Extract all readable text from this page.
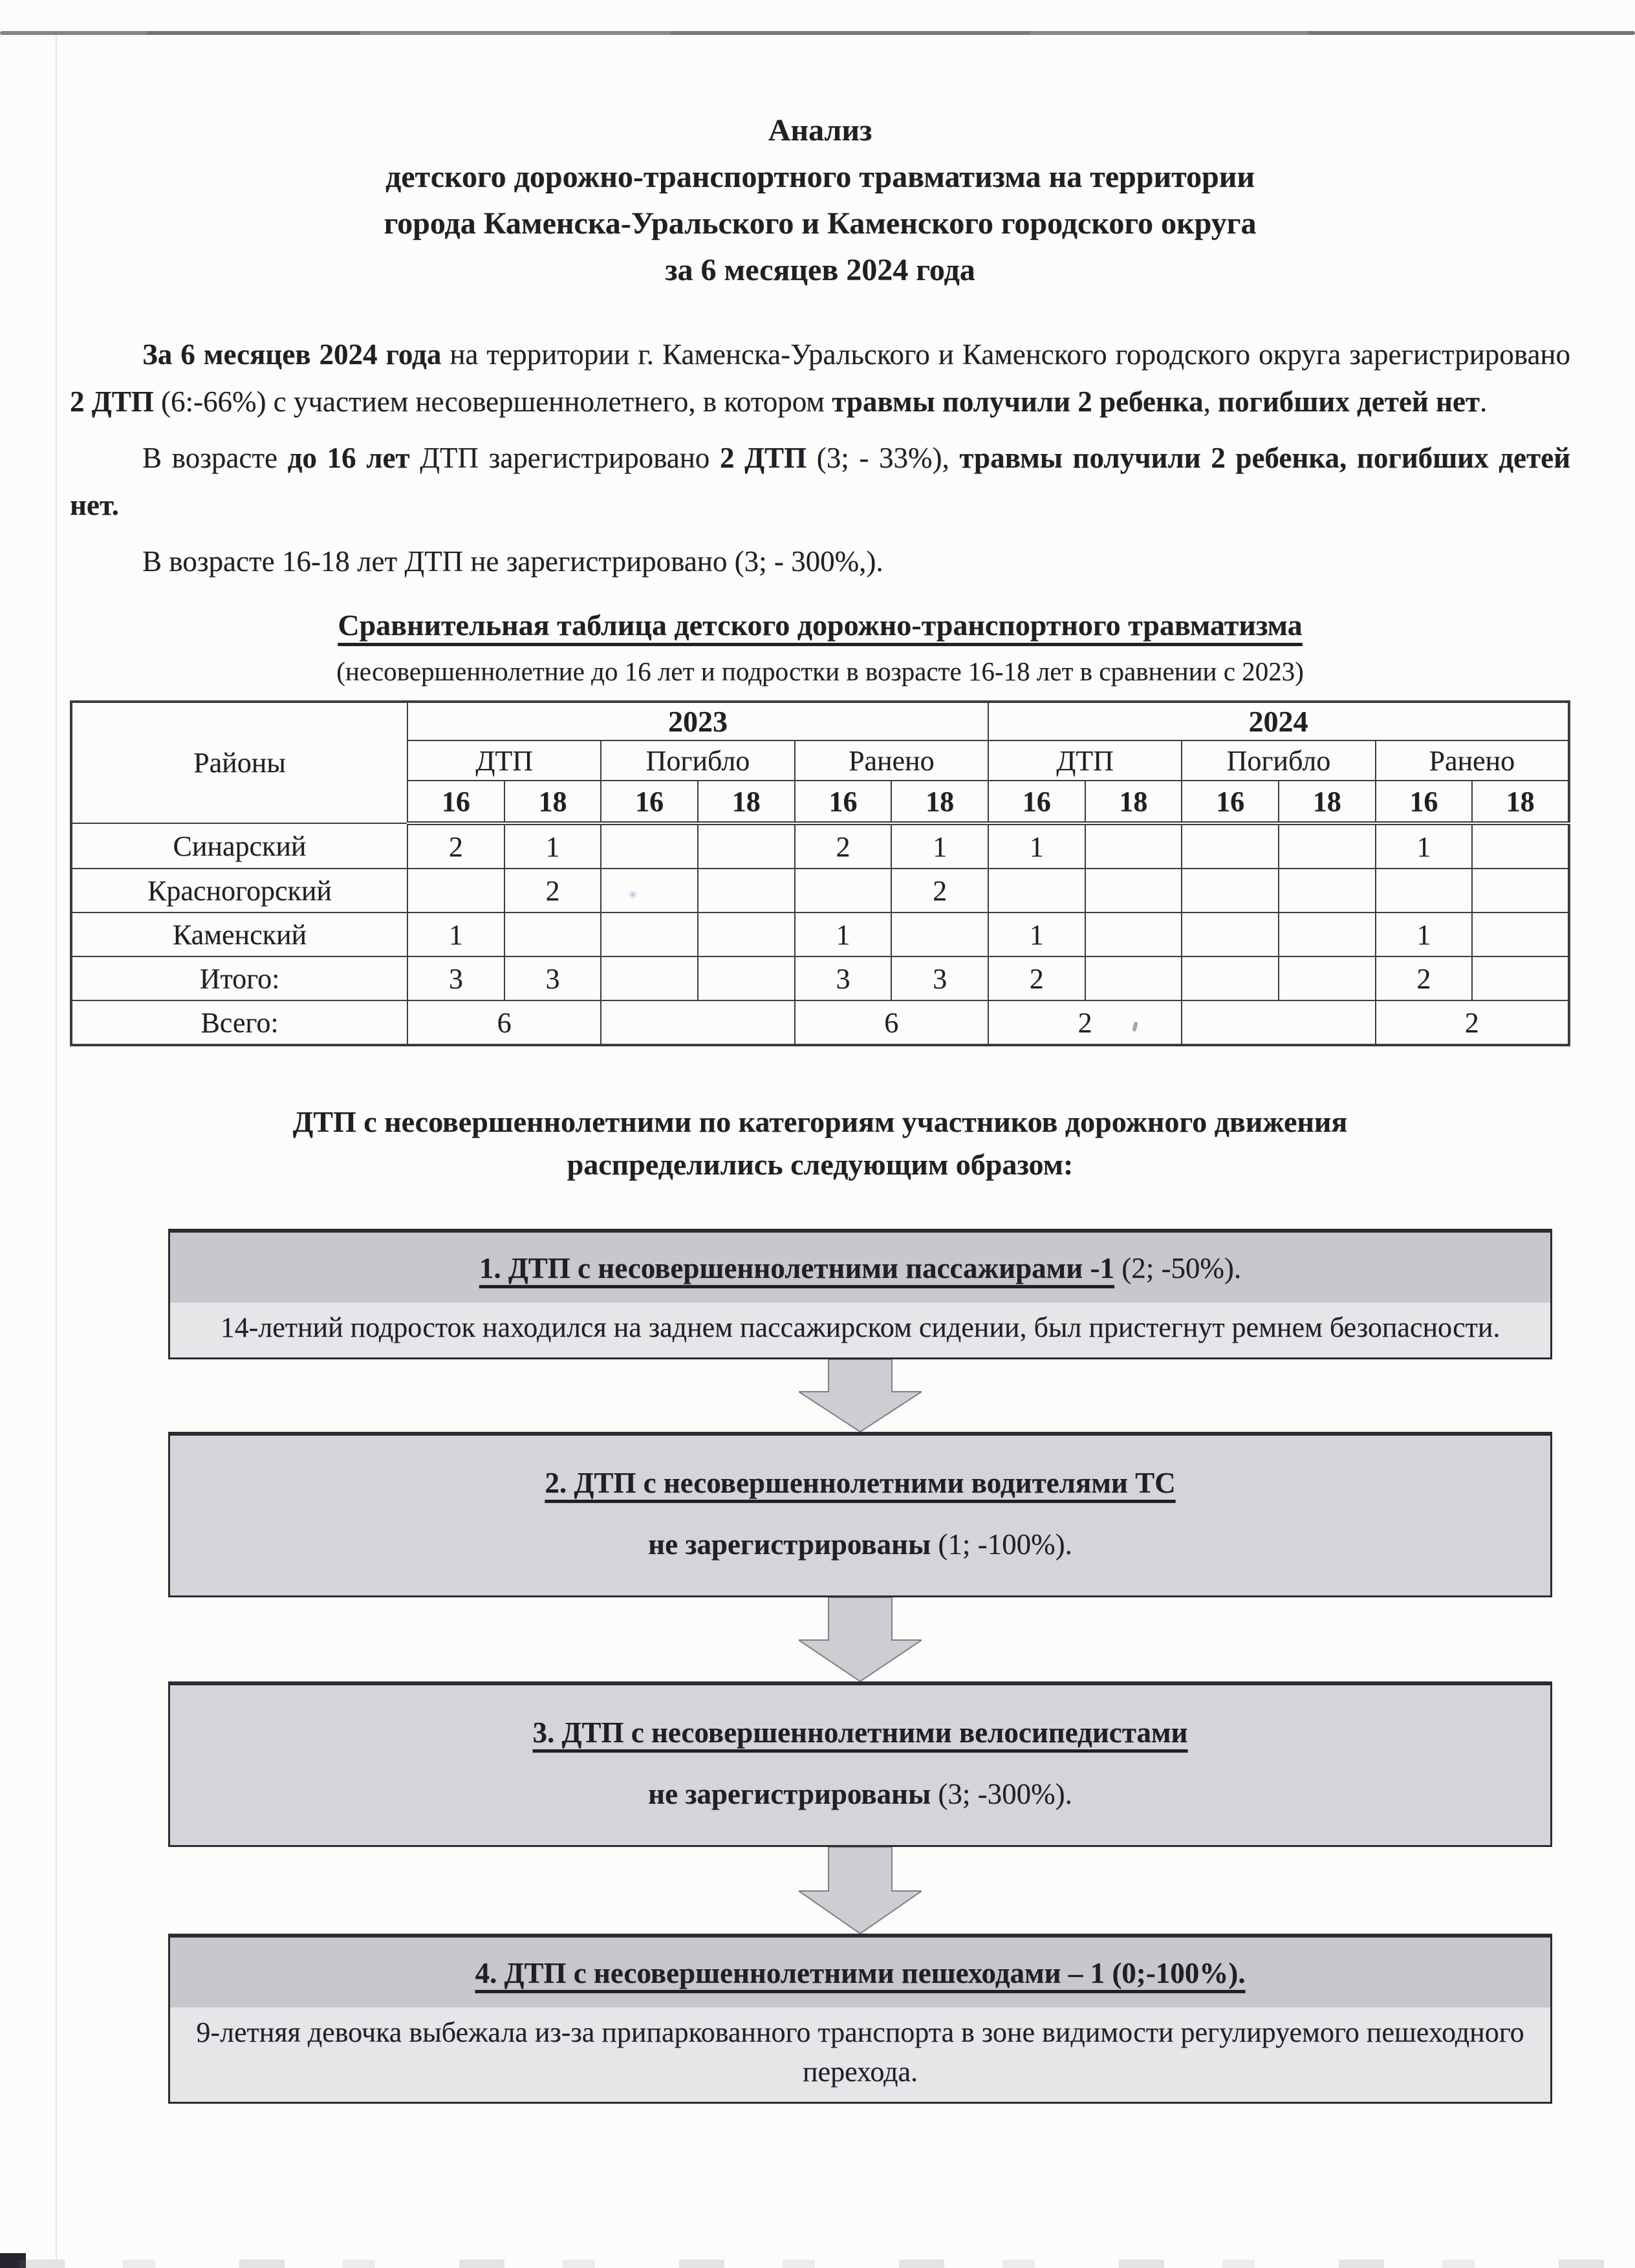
Анализ
детского дорожно-транспортного травматизма на территории
города Каменска-Уральского и Каменского городского округа
за 6 месяцев 2024 года

За 6 месяцев 2024 года на территории г. Каменска-Уральского и Каменского городского округа зарегистрировано 2 ДТП (6:-66%) с участием несовершеннолетнего, в котором травмы получили 2 ребенка, погибших детей нет.

В возрасте до 16 лет ДТП зарегистрировано 2 ДТП (3; - 33%), травмы получили 2 ребенка, погибших детей нет.

В возрасте 16-18 лет ДТП не зарегистрировано (3; - 300%,).

Сравнительная таблица детского дорожно-транспортного травматизма
(несовершеннолетние до 16 лет и подростки в возрасте 16-18 лет в сравнении с 2023)
Районы	2023						2024					
	ДТП		Погибло		Ранено		ДТП		Погибло		Ранено	
	16	18	16	18	16	18	16	18	16	18	16	18
Синарский	2	1			2	1	1				1	
Красногорский		2				2						
Каменский	1				1		1				1	
Итого:	3	3			3	3	2				2	
Всего:	6				6		2				2	
ДТП с несовершеннолетними по категориям участников дорожного движения распределились следующим образом:
1. ДТП с несовершеннолетними пассажирами -1 (2; -50%).
14-летний подросток находился на заднем пассажирском сидении, был пристегнут ремнем безопасности.
2. ДТП с несовершеннолетними водителями ТС
не зарегистрированы (1; -100%).
3. ДТП с несовершеннолетними велосипедистами
не зарегистрированы (3; -300%).
4. ДТП с несовершеннолетними пешеходами – 1 (0;-100%).
9-летняя девочка выбежала из-за припаркованного транспорта в зоне видимости регулируемого пешеходного перехода.
